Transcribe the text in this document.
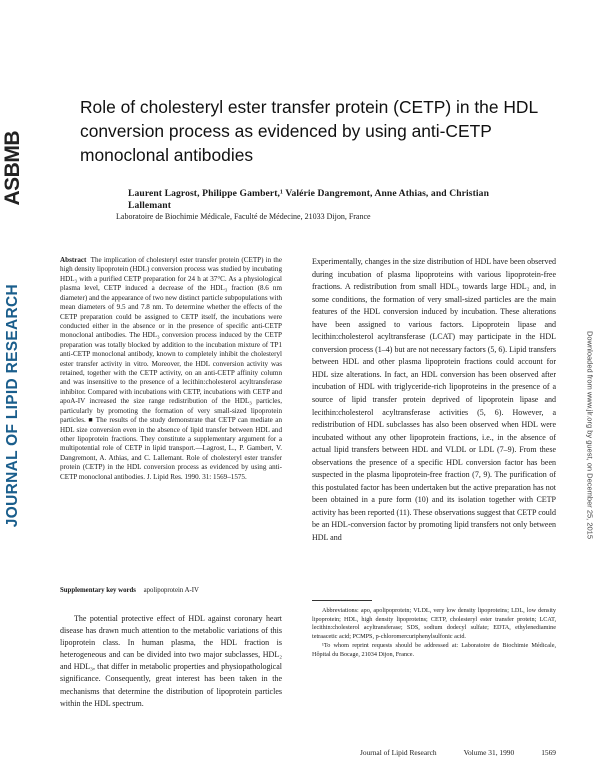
ASBMB
JOURNAL OF LIPID RESEARCH	Downloaded from www.jlr.org by guest, on December 25, 2015
Role of cholesteryl ester transfer protein (CETP) in the HDL conversion process as evidenced by using anti-CETP monoclonal antibodies
Laurent Lagrost, Philippe Gambert,¹ Valérie Dangremont, Anne Athias, and Christian Lallemant
Laboratoire de Biochimie Médicale, Faculté de Médecine, 21033 Dijon, France

Abstract The implication of cholesteryl ester transfer protein (CETP) in the high density lipoprotein (HDL) conversion process was studied by incubating HDL₃ with a purified CETP preparation for 24 h at 37°C. As a physiological plasma level, CETP induced a decrease of the HDL₃ fraction (8.6 nm diameter) and the appearance of two new distinct particle subpopulations with mean diameters of 9.5 and 7.8 nm. To determine whether the effects of the CETP preparation could be assigned to CETP itself, the incubations were conducted either in the absence or in the presence of specific anti-CETP monoclonal antibodies. The HDL₃ conversion process induced by the CETP preparation was totally blocked by addition to the incubation mixture of TP1 anti-CETP monoclonal antibody, known to completely inhibit the cholesteryl ester transfer activity in vitro. Moreover, the HDL conversion activity was retained, together with the CETP activity, on an anti-CETP affinity column and was insensitive to the presence of a lecithin:cholesterol acyltransferase inhibitor. Compared with incubations with CETP, incubations with CETP and apoA-IV increased the size range redistribution of the HDL₃ particles, particularly by promoting the formation of very small-sized lipoprotein particles. ■ The results of the study demonstrate that CETP can mediate an HDL size conversion even in the absence of lipid transfer between HDL and other lipoprotein fractions. They constitute a supplementary argument for a multipotential role of CETP in lipid transport.—Lagrost, L., P. Gambert, V. Dangremont, A. Athias, and C. Lallemant. Role of cholesteryl ester transfer protein (CETP) in the HDL conversion process as evidenced by using anti-CETP monoclonal antibodies. J. Lipid Res. 1990. 31: 1569–1575.

Supplementary key words apolipoprotein A-IV
The potential protective effect of HDL against coronary heart disease has drawn much attention to the metabolic variations of this lipoprotein class. In human plasma, the HDL fraction is heterogeneous and can be divided into two major subclasses, HDL₂ and HDL₃, that differ in metabolic properties and physiopathological significance. Consequently, great interest has been taken in the mechanisms that determine the distribution of lipoprotein particles within the HDL spectrum.

Experimentally, changes in the size distribution of HDL have been observed during incubation of plasma lipoproteins with various lipoprotein-free fractions. A redistribution from small HDL₃ towards large HDL₂ and, in some conditions, the formation of very small-sized particles are the main features of the HDL conversion induced by incubation. These alterations have been assigned to various factors. Lipoprotein lipase and lecithin:cholesterol acyltransferase (LCAT) may participate in the HDL conversion process (1–4) but are not necessary factors (5, 6). Lipid transfers between HDL and other plasma lipoprotein fractions could account for HDL size alterations. In fact, an HDL conversion has been observed after incubation of HDL with triglyceride-rich lipoproteins in the presence of a source of lipid transfer protein deprived of lipoprotein lipase and lecithin:cholesterol acyltransferase activities (5, 6). However, a redistribution of HDL subclasses has also been observed when HDL were incubated without any other lipoprotein fractions, i.e., in the absence of actual lipid transfers between HDL and VLDL or LDL (7–9). From these observations the presence of a specific HDL conversion factor has been suspected in the plasma lipoprotein-free fraction (7, 9). The purification of this postulated factor has been undertaken but the active preparation has not been obtained in a pure form (10) and its isolation together with CETP activity has been reported (11). These observations suggest that CETP could be an HDL-conversion factor by promoting lipid transfers not only between HDL and

Abbreviations: apo, apolipoprotein; VLDL, very low density lipoproteins; LDL, low density lipoprotein; HDL, high density lipoproteins; CETP, cholesteryl ester transfer protein; LCAT, lecithin:cholesterol acyltransferase; SDS, sodium dodecyl sulfate; EDTA, ethylenediamine tetraacetic acid; PCMPS, p-chloromercuriphenylsulfonic acid.

¹To whom reprint requests should be addressed at: Laboratoire de Biochimie Médicale, Hôpital du Bocage, 21034 Dijon, France.

Journal of Lipid Research	Volume 31, 1990	1569
